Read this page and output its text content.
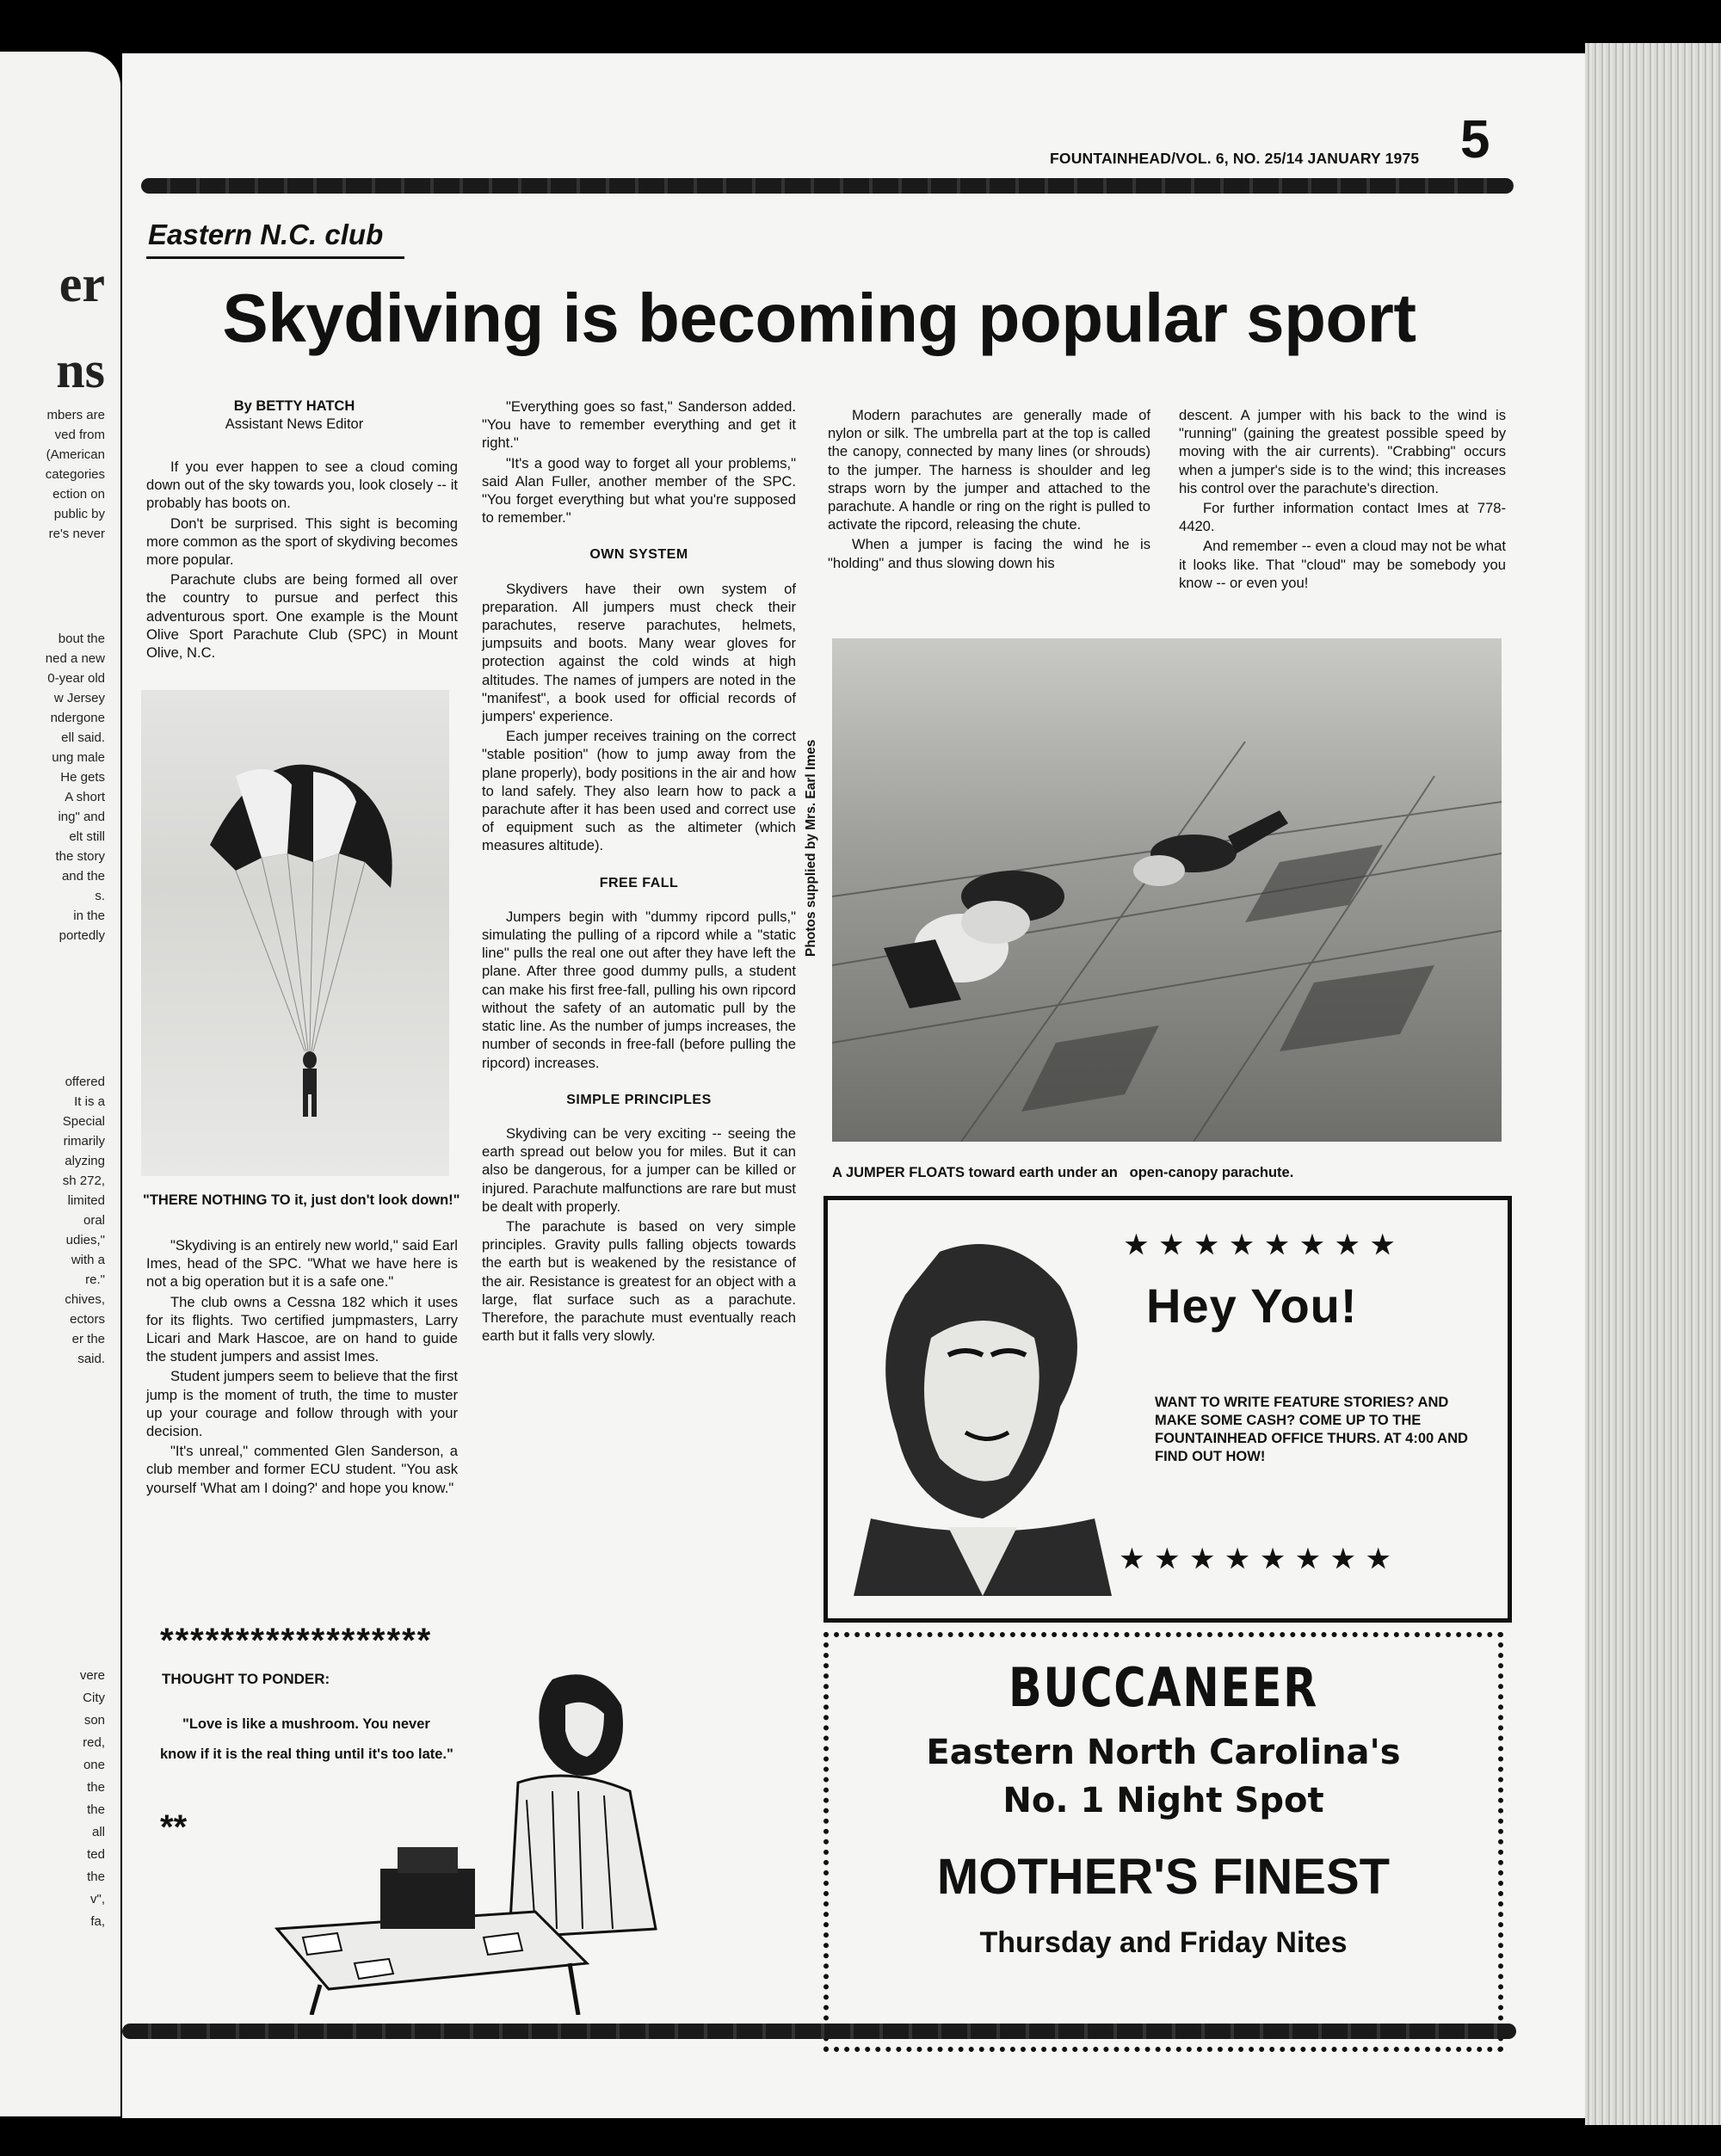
er
ns
mbers are
ved from
(American
categories
ection on
public by
re's never
bout the
ned a new
0-year old
w Jersey
ndergone
ell said.
ung male
He gets
A short
ing" and
elt still
the story
and the
s.
in the
portedly
offered
It is a
Special
rimarily
alyzing
sh 272,
limited
oral
udies,"
with a
re."
chives,
ectors
er the
said.
vere
City
son
red,
one
the
the
all
ted
the
v",
fa,
FOUNTAINHEAD/VOL. 6, NO. 25/14 JANUARY 1975 5
Eastern N.C. club
Skydiving is becoming popular sport
By BETTY HATCH
Assistant News Editor

If you ever happen to see a cloud coming down out of the sky towards you, look closely -- it probably has boots on.

Don't be surprised. This sight is becoming more common as the sport of skydiving becomes more popular.

Parachute clubs are being formed all over the country to pursue and perfect this adventurous sport. One example is the Mount Olive Sport Parachute Club (SPC) in Mount Olive, N.C.

"THERE NOTHING TO it, just don't look down!"

"Skydiving is an entirely new world," said Earl Imes, head of the SPC. "What we have here is not a big operation but it is a safe one."

The club owns a Cessna 182 which it uses for its flights. Two certified jumpmasters, Larry Licari and Mark Hascoe, are on hand to guide the student jumpers and assist Imes.

Student jumpers seem to believe that the first jump is the moment of truth, the time to muster up your courage and follow through with your decision.

"It's unreal," commented Glen Sanderson, a club member and former ECU student. "You ask yourself 'What am I doing?' and hope you know."

"Everything goes so fast," Sanderson added. "You have to remember everything and get it right."

"It's a good way to forget all your problems," said Alan Fuller, another member of the SPC. "You forget everything but what you're supposed to remember."

OWN SYSTEM

Skydivers have their own system of preparation. All jumpers must check their parachutes, reserve parachutes, helmets, jumpsuits and boots. Many wear gloves for protection against the cold winds at high altitudes. The names of jumpers are noted in the "manifest", a book used for official records of jumpers' experience.

Each jumper receives training on the correct "stable position" (how to jump away from the plane properly), body positions in the air and how to land safely. They also learn how to pack a parachute after it has been used and correct use of equipment such as the altimeter (which measures altitude).

FREE FALL

Jumpers begin with "dummy ripcord pulls," simulating the pulling of a ripcord while a "static line" pulls the real one out after they have left the plane. After three good dummy pulls, a student can make his first free-fall, pulling his own ripcord without the safety of an automatic pull by the static line. As the number of jumps increases, the number of seconds in free-fall (before pulling the ripcord) increases.

SIMPLE PRINCIPLES

Skydiving can be very exciting -- seeing the earth spread out below you for miles. But it can also be dangerous, for a jumper can be killed or injured. Parachute malfunctions are rare but must be dealt with properly.

The parachute is based on very simple principles. Gravity pulls falling objects towards the earth but is weakened by the resistance of the air. Resistance is greatest for an object with a large, flat surface such as a parachute. Therefore, the parachute must eventually reach earth but it falls very slowly.

Photos supplied by Mrs. Earl Imes

Modern parachutes are generally made of nylon or silk. The umbrella part at the top is called the canopy, connected by many lines (or shrouds) to the jumper. The harness is shoulder and leg straps worn by the jumper and attached to the parachute. A handle or ring on the right is pulled to activate the ripcord, releasing the chute.

When a jumper is facing the wind he is "holding" and thus slowing down his

descent. A jumper with his back to the wind is "running" (gaining the greatest possible speed by moving with the air currents). "Crabbing" occurs when a jumper's side is to the wind; this increases his control over the parachute's direction.

For further information contact Imes at 778-4420.

And remember -- even a cloud may not be what it looks like. That "cloud" may be somebody you know -- or even you!

A JUMPER FLOATS toward earth under an   open-canopy parachute.
★★★★★★★★
Hey You!
WANT TO WRITE FEATURE STORIES? AND MAKE SOME CASH? COME UP TO THE FOUNTAINHEAD OFFICE THURS. AT 4:00 AND FIND OUT HOW!
★★★★★★★★
******************
THOUGHT TO PONDER:
"Love is like a mushroom. You never
know if it is the real thing until it's too late."
**
BUCCANEER
Eastern North Carolina's
No. 1 Night Spot
MOTHER'S FINEST
Thursday and Friday Nites
